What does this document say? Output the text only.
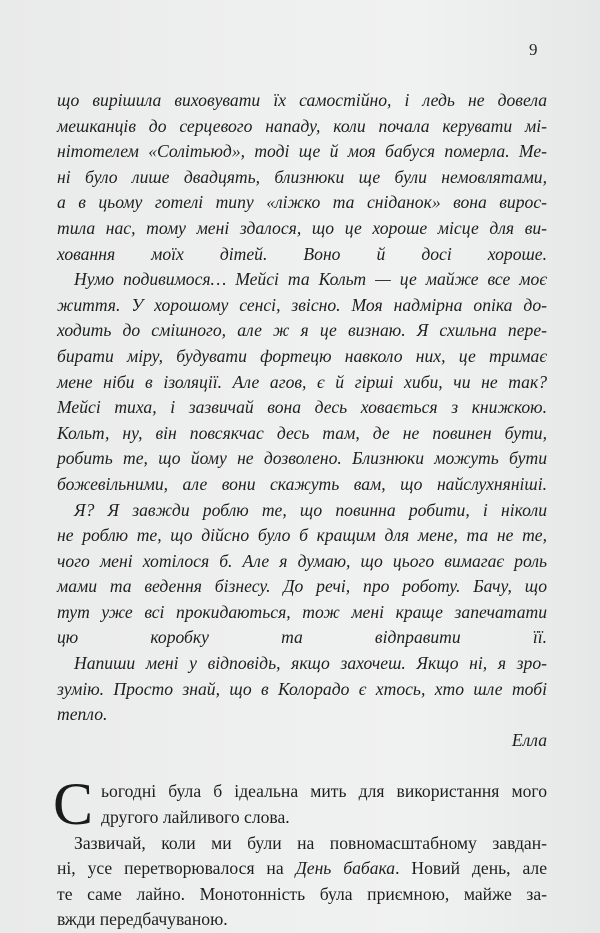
9

що вирішила виховувати їх самостійно, і ледь не довела
мешканців до серцевого нападу, коли почала керувати мі-
нітотелем «Солітьюд», тоді ще й моя бабуся померла. Ме-
ні було лише двадцять, близнюки ще були немовлятами,
а в цьому готелі типу «ліжко та сніданок» вона вирос-
тила нас, тому мені здалося, що це хороше місце для ви-
ховання моїх дітей. Воно й досі хороше.

Нумо подивимося… Мейсі та Кольт — це майже все моє
життя. У хорошому сенсі, звісно. Моя надмірна опіка до-
ходить до смішного, але ж я це визнаю. Я схильна пере-
бирати міру, будувати фортецю навколо них, це тримає
мене ніби в ізоляції. Але агов, є й гірші хиби, чи не так?
Мейсі тиха, і зазвичай вона десь ховається з книжкою.
Кольт, ну, він повсякчас десь там, де не повинен бути,
робить те, що йому не дозволено. Близнюки можуть бути
божевільними, але вони скажуть вам, що найслухняніші.

Я? Я завжди роблю те, що повинна робити, і ніколи
не роблю те, що дійсно було б кращим для мене, та не те,
чого мені хотілося б. Але я думаю, що цього вимагає роль
мами та ведення бізнесу. До речі, про роботу. Бачу, що
тут уже всі прокидаються, тож мені краще запечатати
цю коробку та відправити її.

Напиши мені у відповідь, якщо захочеш. Якщо ні, я зро-
зумію. Просто знай, що в Колорадо є хтось, хто шле тобі
тепло.

Елла
С ьогодні була б ідеальна мить для використання мого
другого лайливого слова.
Зазвичай, коли ми були на повномасштабному завдан-
ні, усе перетворювалося на День бабака. Новий день, але
те саме лайно. Монотонність була приємною, майже за-
вжди передбачуваною.
